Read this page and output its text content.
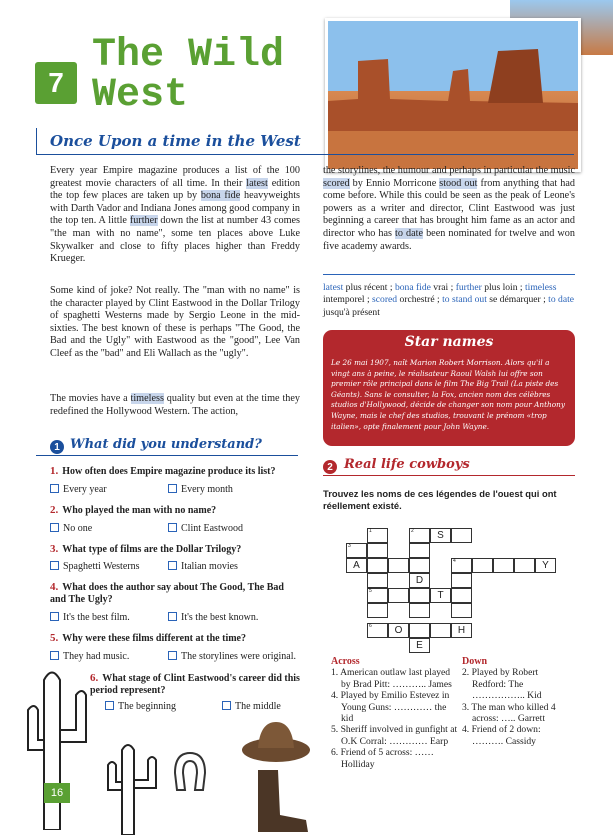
7
The Wild
West
Once Upon a time in the West
Every year Empire magazine produces a list of the 100 greatest movie characters of all time. In their latest edition the top few places are taken up by bona fide heavyweights with Darth Vador and Indiana Jones among good company in the top ten. A little further down the list at number 43 comes "the man with no name", some ten places above Luke Skywalker and close to fifty places higher than Freddy Krueger.
Some kind of joke? Not really. The "man with no name" is the character played by Clint Eastwood in the Dollar Trilogy of spaghetti Westerns made by Sergio Leone in the mid-sixties. The best known of these is perhaps "The Good, the Bad and the Ugly" with Eastwood as the "good", Lee Van Cleef as the "bad" and Eli Wallach as the "ugly".
The movies have a timeless quality but even at the time they redefined the Hollywood Western. The action,
the storylines, the humour and perhaps in particular the music scored by Ennio Morricone stood out from anything that had come before. While this could be seen as the peak of Leone's powers as a writer and director, Clint Eastwood was just beginning a career that has brought him fame as an actor and director who has to date been nominated for twelve and won five academy awards.
latest plus récent ; bona fide vrai ; further plus loin ; timeless intemporel ; scored orchestré ; to stand out se démarquer ; to date jusqu'à présent
Star names
Le 26 mai 1907, naît Marion Robert Morrison. Alors qu'il a vingt ans à peine, le réalisateur Raoul Walsh lui offre son premier rôle principal dans le film The Big Trail (La piste des Géants). Sans le consulter, la Fox, ancien nom des célèbres studios d'Hollywood, décide de changer son nom pour Anthony Wayne, mais le chef des studios, trouvant le prénom «trop italien», opte finalement pour John Wayne.
1 What did you understand?
1. How often does Empire magazine produce its list?
Every year	Every month
2. Who played the man with no name?
No one	Clint Eastwood
3. What type of films are the Dollar Trilogy?
Spaghetti Westerns	Italian movies
4. What does the author say about The Good, The Bad and The Ugly?
It's the best film.	It's the best known.
5. Why were these films different at the time?
They had music.	The storylines were original.
6. What stage of Clint Eastwood's career did this period represent?
The beginning	The middle
16
2 Real life cowboys
Trouvez les noms de ces légendes de l'ouest qui ont réellement existé.
1	2	S
3
A	4	Y
D
5	T
6	O	H
E
Across
1. American outlaw last played by Brad Pitt: ……….. James
4. Played by Emilio Estevez in Young Guns: ………… the kid
5. Sheriff involved in gunfight at O.K Corral: ………… Earp
6. Friend of 5 across: …… Holliday
Down
2. Played by Robert Redford: The …………….. Kid
3. The man who killed 4 across: ….. Garrett
4. Friend of 2 down: ………. Cassidy
